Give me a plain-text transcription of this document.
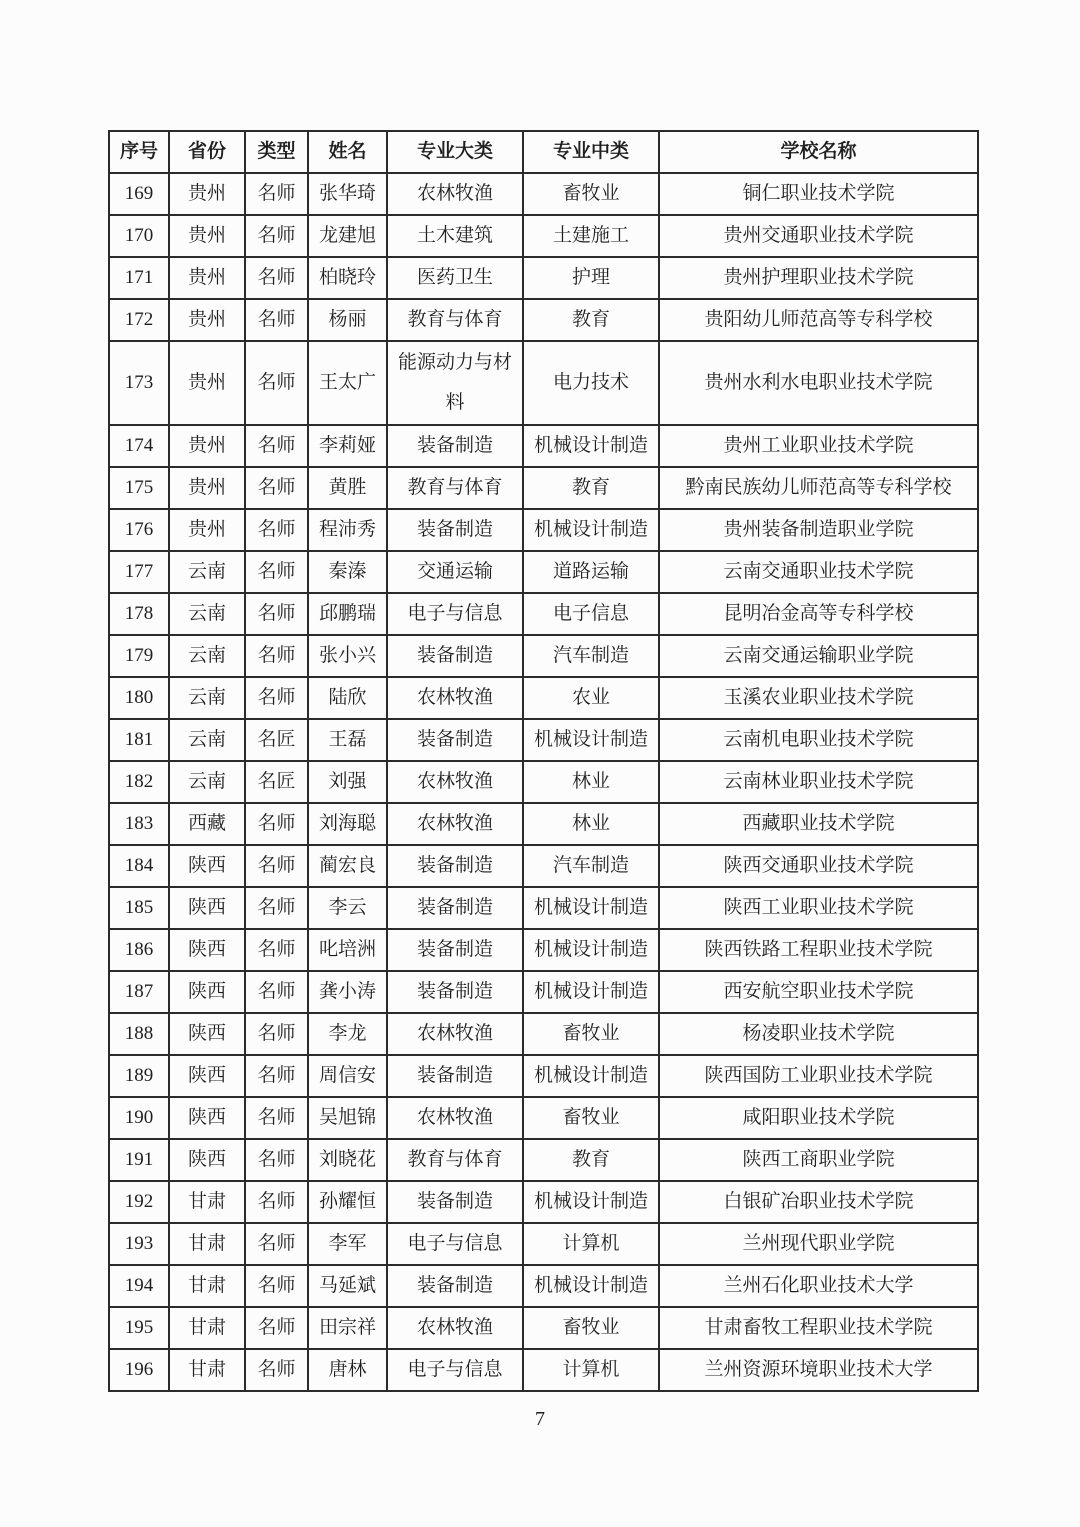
序号	省份	类型	姓名	专业大类	专业中类	学校名称
169	贵州	名师	张华琦	农林牧渔	畜牧业	铜仁职业技术学院
170	贵州	名师	龙建旭	土木建筑	土建施工	贵州交通职业技术学院
171	贵州	名师	柏晓玲	医药卫生	护理	贵州护理职业技术学院
172	贵州	名师	杨丽	教育与体育	教育	贵阳幼儿师范高等专科学校
173	贵州	名师	王太广	能源动力与材料	电力技术	贵州水利水电职业技术学院
174	贵州	名师	李莉娅	装备制造	机械设计制造	贵州工业职业技术学院
175	贵州	名师	黄胜	教育与体育	教育	黔南民族幼儿师范高等专科学校
176	贵州	名师	程沛秀	装备制造	机械设计制造	贵州装备制造职业学院
177	云南	名师	秦溱	交通运输	道路运输	云南交通职业技术学院
178	云南	名师	邱鹏瑞	电子与信息	电子信息	昆明冶金高等专科学校
179	云南	名师	张小兴	装备制造	汽车制造	云南交通运输职业学院
180	云南	名师	陆欣	农林牧渔	农业	玉溪农业职业技术学院
181	云南	名匠	王磊	装备制造	机械设计制造	云南机电职业技术学院
182	云南	名匠	刘强	农林牧渔	林业	云南林业职业技术学院
183	西藏	名师	刘海聪	农林牧渔	林业	西藏职业技术学院
184	陕西	名师	蔺宏良	装备制造	汽车制造	陕西交通职业技术学院
185	陕西	名师	李云	装备制造	机械设计制造	陕西工业职业技术学院
186	陕西	名师	叱培洲	装备制造	机械设计制造	陕西铁路工程职业技术学院
187	陕西	名师	龚小涛	装备制造	机械设计制造	西安航空职业技术学院
188	陕西	名师	李龙	农林牧渔	畜牧业	杨凌职业技术学院
189	陕西	名师	周信安	装备制造	机械设计制造	陕西国防工业职业技术学院
190	陕西	名师	吴旭锦	农林牧渔	畜牧业	咸阳职业技术学院
191	陕西	名师	刘晓花	教育与体育	教育	陕西工商职业学院
192	甘肃	名师	孙耀恒	装备制造	机械设计制造	白银矿冶职业技术学院
193	甘肃	名师	李军	电子与信息	计算机	兰州现代职业学院
194	甘肃	名师	马延斌	装备制造	机械设计制造	兰州石化职业技术大学
195	甘肃	名师	田宗祥	农林牧渔	畜牧业	甘肃畜牧工程职业技术学院
196	甘肃	名师	唐林	电子与信息	计算机	兰州资源环境职业技术大学
7
